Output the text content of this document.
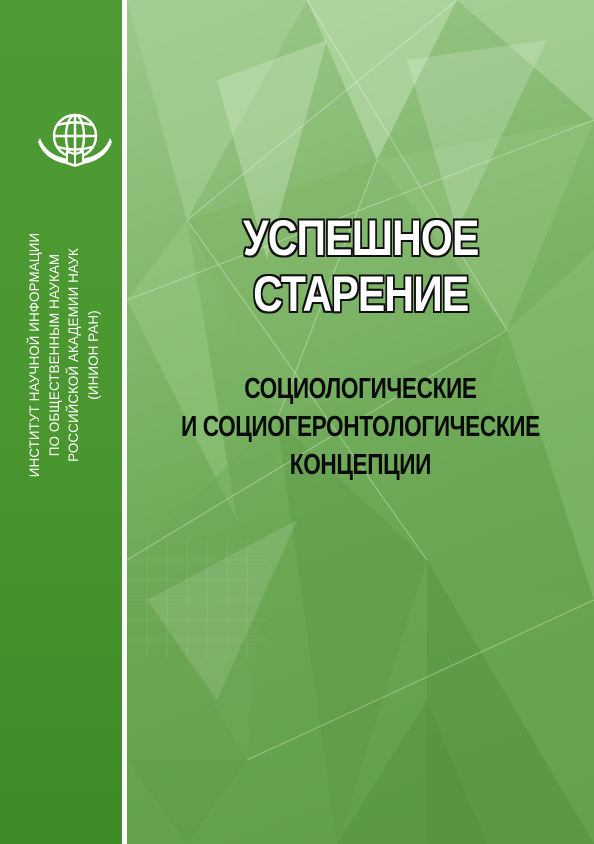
ИНСТИТУТ НАУЧНОЙ ИНФОРМАЦИИ ПО ОБЩЕСТВЕННЫМ НАУКАМ РОССИЙСКОЙ АКАДЕМИИ НАУК (ИНИОН РАН)
УСПЕШНОЕ
СТАРЕНИЕ
СОЦИОЛОГИЧЕСКИЕ
И СОЦИОГЕРОНТОЛОГИЧЕСКИЕ
КОНЦЕПЦИИ
